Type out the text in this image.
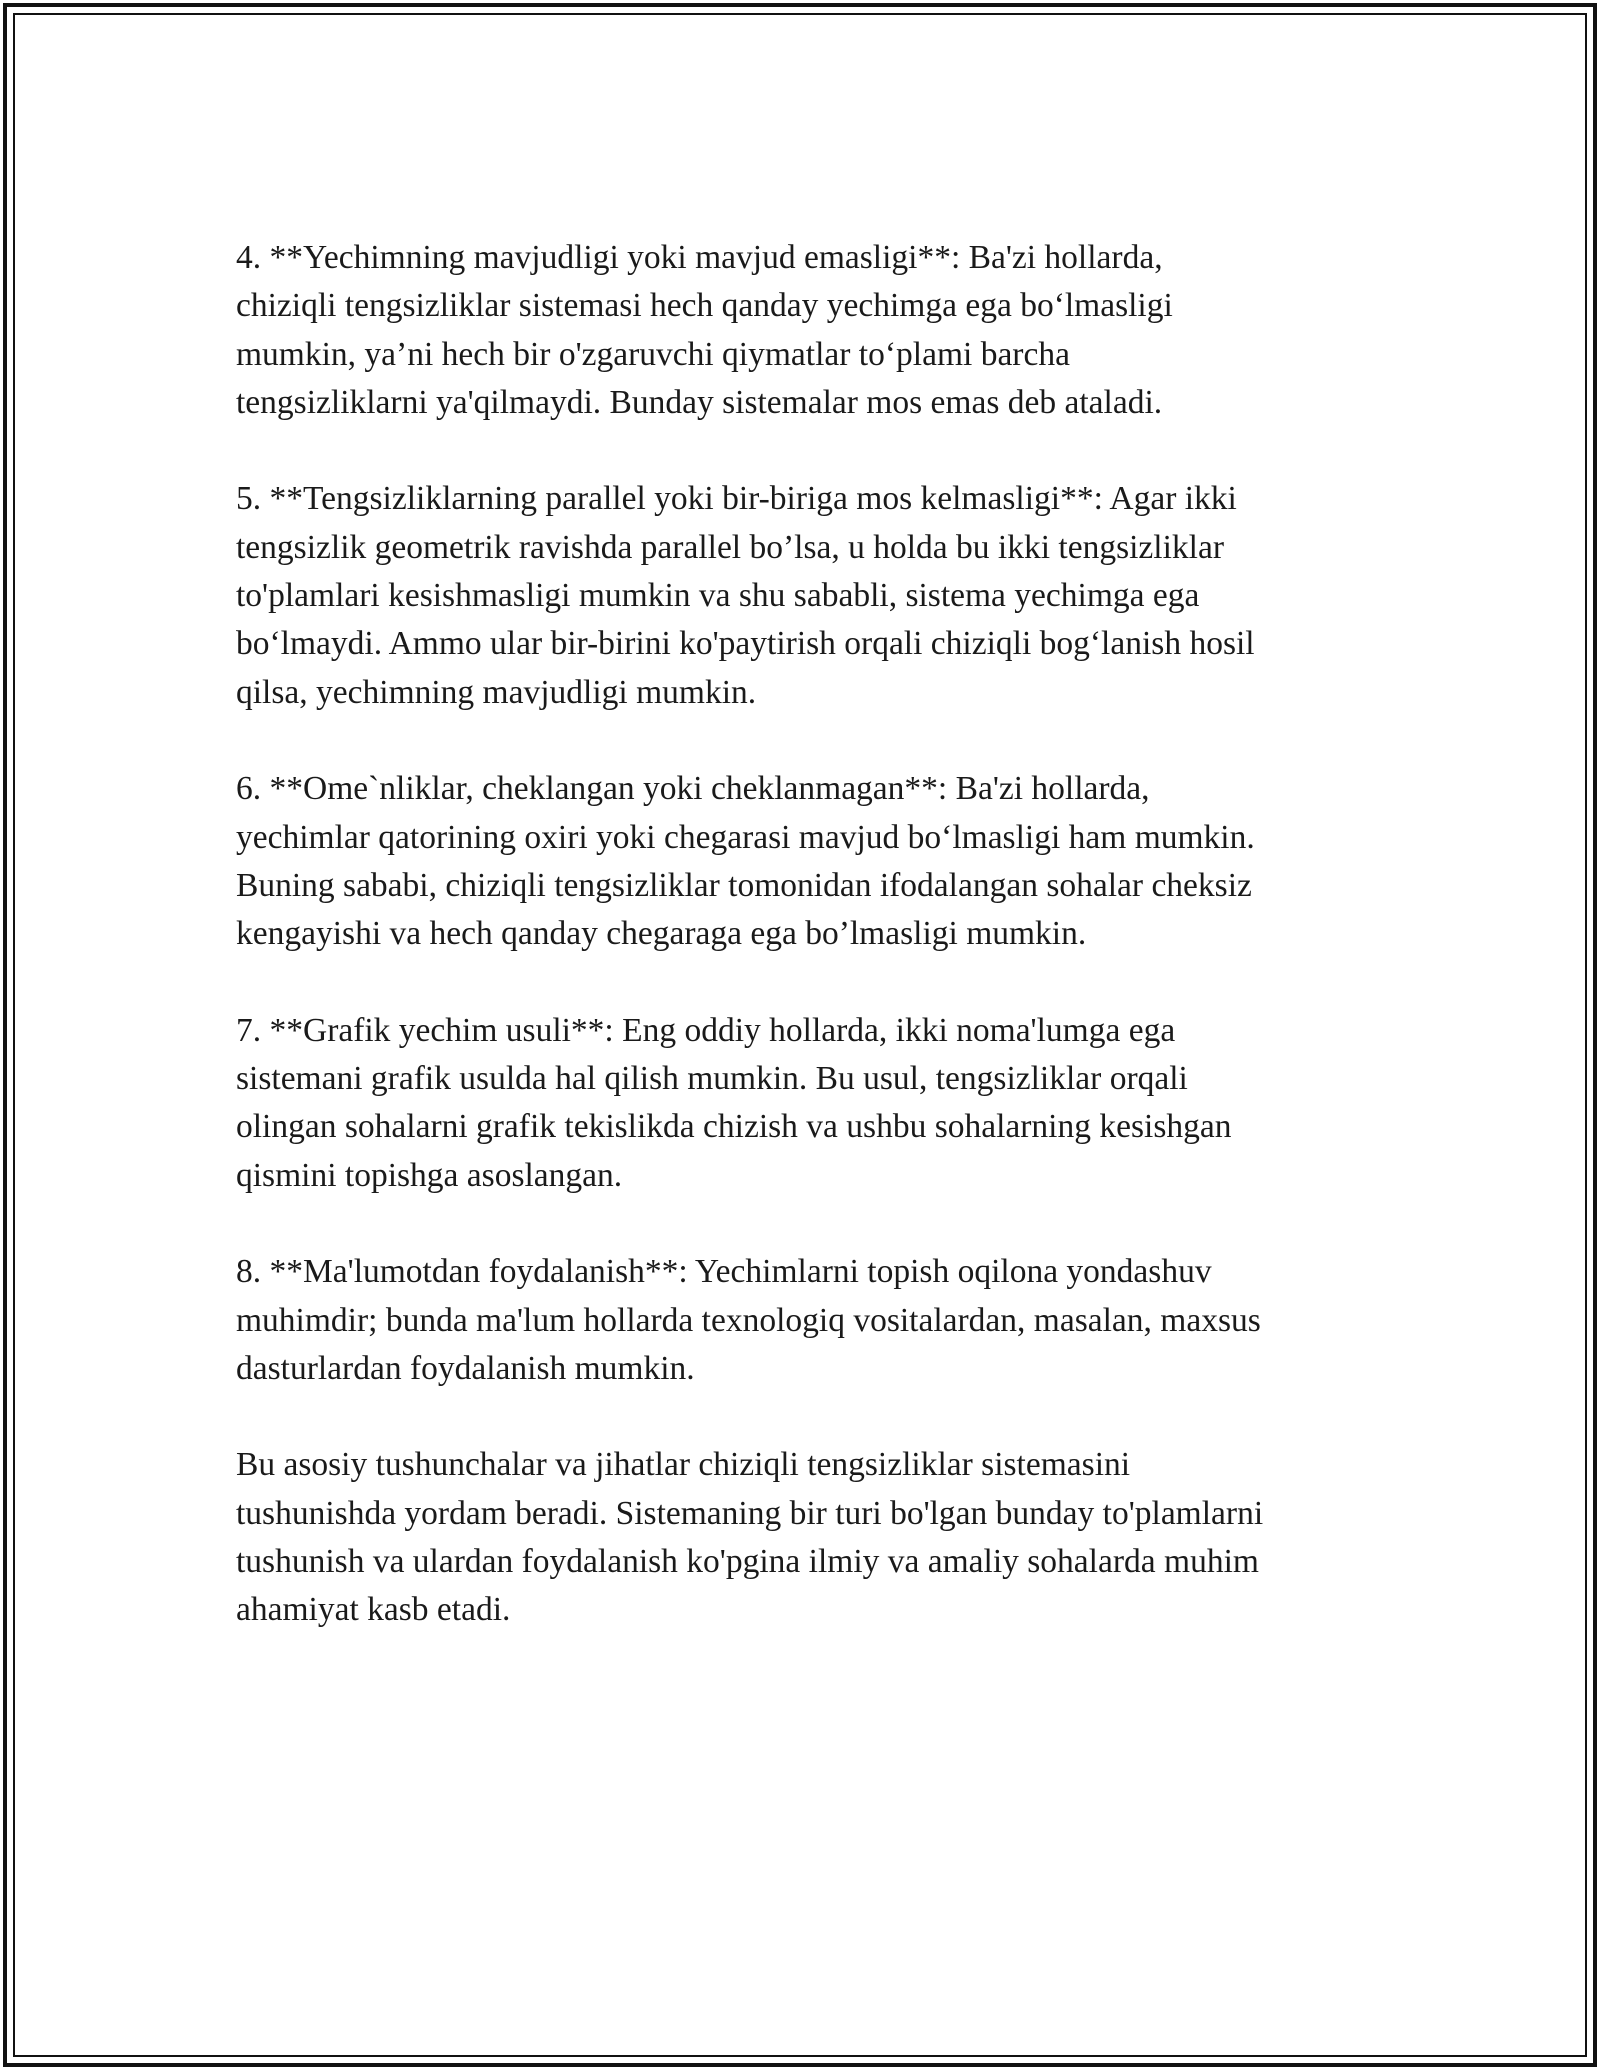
4. **Yechimning mavjudligi yoki mavjud emasligi**: Ba'zi hollarda,
chiziqli tengsizliklar sistemasi hech qanday yechimga ega bo‘lmasligi
mumkin, ya’ni hech bir o'zgaruvchi qiymatlar to‘plami barcha
tengsizliklarni ya'qilmaydi. Bunday sistemalar mos emas deb ataladi.

5. **Tengsizliklarning parallel yoki bir-biriga mos kelmasligi**: Agar ikki
tengsizlik geometrik ravishda parallel bo’lsa, u holda bu ikki tengsizliklar
to'plamlari kesishmasligi mumkin va shu sababli, sistema yechimga ega
bo‘lmaydi. Ammo ular bir-birini ko'paytirish orqali chiziqli bog‘lanish hosil
qilsa, yechimning mavjudligi mumkin.

6. **Ome`nliklar, cheklangan yoki cheklanmagan**: Ba'zi hollarda,
yechimlar qatorining oxiri yoki chegarasi mavjud bo‘lmasligi ham mumkin.
Buning sababi, chiziqli tengsizliklar tomonidan ifodalangan sohalar cheksiz
kengayishi va hech qanday chegaraga ega bo’lmasligi mumkin.

7. **Grafik yechim usuli**: Eng oddiy hollarda, ikki noma'lumga ega
sistemani grafik usulda hal qilish mumkin. Bu usul, tengsizliklar orqali
olingan sohalarni grafik tekislikda chizish va ushbu sohalarning kesishgan
qismini topishga asoslangan.

8. **Ma'lumotdan foydalanish**: Yechimlarni topish oqilona yondashuv
muhimdir; bunda ma'lum hollarda texnologiq vositalardan, masalan, maxsus
dasturlardan foydalanish mumkin.

Bu asosiy tushunchalar va jihatlar chiziqli tengsizliklar sistemasini
tushunishda yordam beradi. Sistemaning bir turi bo'lgan bunday to'plamlarni
tushunish va ulardan foydalanish ko'pgina ilmiy va amaliy sohalarda muhim
ahamiyat kasb etadi.
